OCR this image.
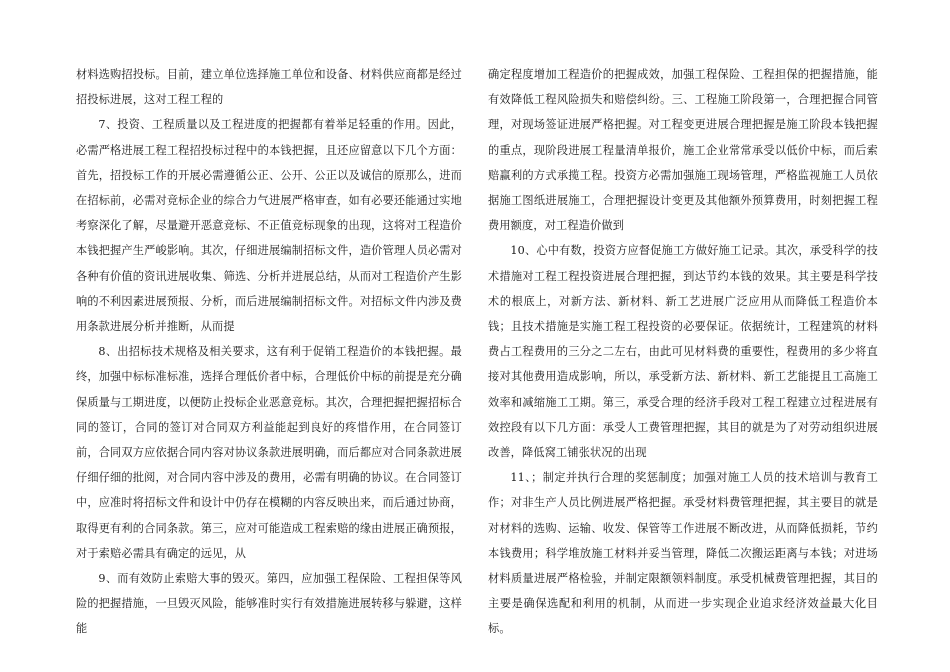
材料选购招投标。目前，建立单位选择施工单位和设备、材料供应商都是经过招投标进展，这对工程工程的

7、投资、工程质量以及工程进度的把握都有着举足轻重的作用。因此，必需严格进展工程工程招投标过程中的本钱把握，且还应留意以下几个方面：首先，招投标工作的开展必需遵循公正、公开、公正以及诚信的原那么，进而在招标前，必需对竞标企业的综合力气进展严格审查，如有必要还能通过实地考察深化了解，尽量避开恶意竞标、不正值竞标现象的出现，这将对工程造价本钱把握产生严峻影响。其次，仔细进展编制招标文件，造价管理人员必需对各种有价值的资讯进展收集、筛选、分析并进展总结，从而对工程造价产生影响的不利因素进展预报、分析，而后进展编制招标文件。对招标文件内涉及费用条款进展分析并推断，从而提

8、出招标技术规格及相关要求，这有利于促销工程造价的本钱把握。最终，加强中标标准标准，选择合理低价者中标，合理低价中标的前提是充分确保质量与工期进度，以便防止投标企业恶意竞标。其次，合理把握把握招标合同的签订，合同的签订对合同双方利益能起到良好的疼惜作用，在合同签订前，合同双方应依据合同内容对协议条款进展明确，而后都应对合同条款进展仔细仔细的批阅，对合同内容中涉及的费用，必需有明确的协议。在合同签订中，应准时将招标文件和设计中仍存在模糊的内容反映出来，而后通过协商，取得更有利的合同条款。第三，应对可能造成工程索赔的缘由进展正确预报，对于索赔必需具有确定的远见，从

9、而有效防止索赔大事的毁灭。第四，应加强工程保险、工程担保等风险的把握措施，一旦毁灭风险，能够准时实行有效措施进展转移与躲避，这样能

确定程度增加工程造价的把握成效，加强工程保险、工程担保的把握措施，能有效降低工程风险损失和赔偿纠纷。三、工程施工阶段第一，合理把握合同管理，对现场签证进展严格把握。对工程变更进展合理把握是施工阶段本钱把握的重点，现阶段进展工程量清单报价，施工企业常常承受以低价中标，而后索赔赢利的方式承揽工程。投资方必需加强施工现场管理，严格监视施工人员依据施工图纸进展施工，合理把握设计变更及其他额外预算费用，时刻把握工程费用额度，对工程造价做到

10、心中有数，投资方应督促施工方做好施工记录。其次，承受科学的技术措施对工程工程投资进展合理把握，到达节约本钱的效果。其主要是科学技术的根底上，对新方法、新材料、新工艺进展广泛应用从而降低工程造价本钱；且技术措施是实施工程工程投资的必要保证。依据统计，工程建筑的材料费占工程费用的三分之二左右，由此可见材料费的重要性，程费用的多少将直接对其他费用造成影响，所以，承受新方法、新材料、新工艺能提且工高施工效率和减缩施工工期。第三，承受合理的经济手段对工程工程建立过程进展有效控段有以下几方面：承受人工费管理把握，其目的就是为了对劳动组织进展改善，降低窝工铺张状况的出现

11、；制定并执行合理的奖惩制度；加强对施工人员的技术培训与教育工作；对非生产人员比例进展严格把握。承受材料费管理把握，其主要目的就是对材料的选购、运输、收发、保管等工作进展不断改进，从而降低损耗，节约本钱费用；科学堆放施工材料并妥当管理，降低二次搬运距离与本钱；对进场材料质量进展严格检验，并制定限额领料制度。承受机械费管理把握，其目的主要是确保选配和利用的机制，从而进一步实现企业追求经济效益最大化目标。
